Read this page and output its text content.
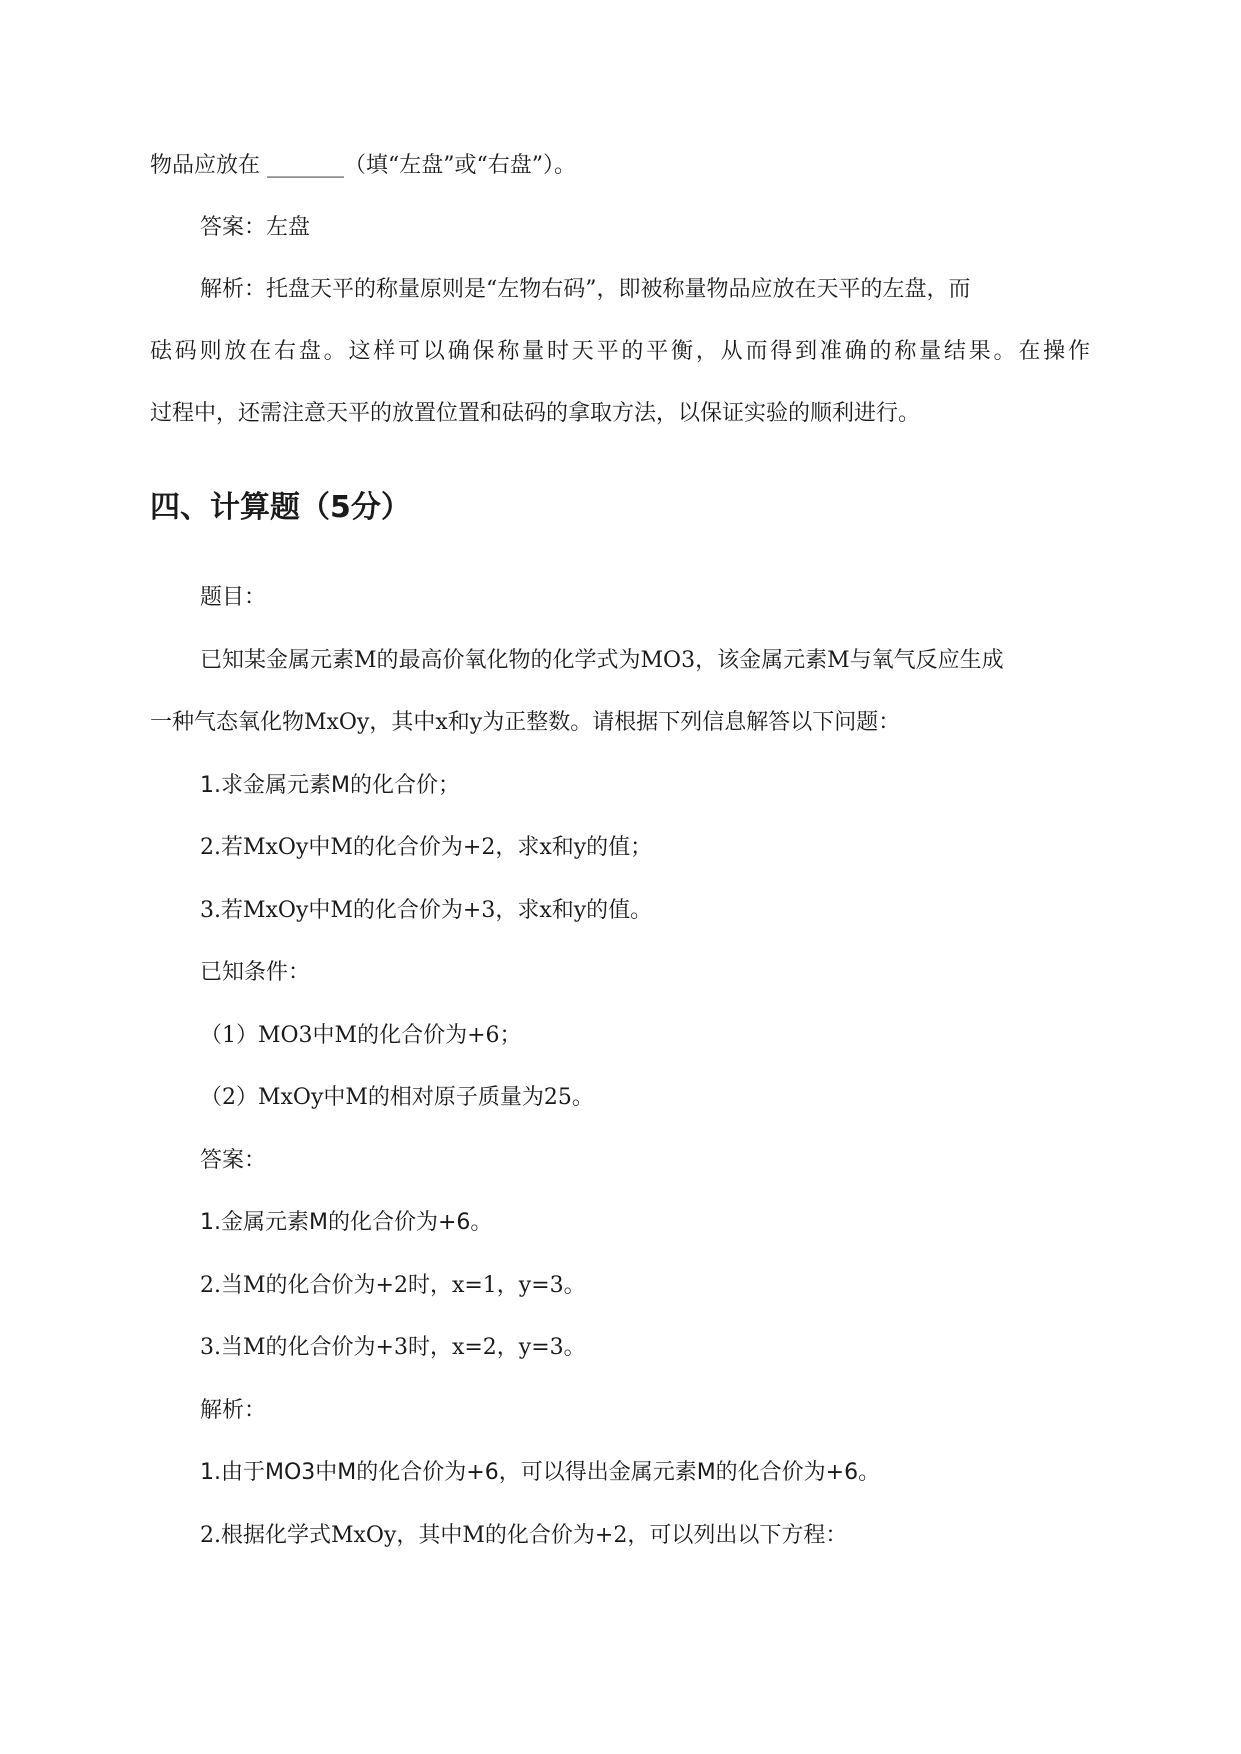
物品应放在 _______（填“左盘”或“右盘”）。
答案：左盘
解析：托盘天平的称量原则是“左物右码”，即被称量物品应放在天平的左盘，而
砝码则放在右盘。这样可以确保称量时天平的平衡，从而得到准确的称量结果。在操作
过程中，还需注意天平的放置位置和砝码的拿取方法，以保证实验的顺利进行。
四、计算题（5分）
题目：
已知某金属元素M的最高价氧化物的化学式为MO3，该金属元素M与氧气反应生成
一种气态氧化物MxOy，其中x和y为正整数。请根据下列信息解答以下问题：
1.求金属元素M的化合价；
2.若MxOy中M的化合价为+2，求x和y的值；
3.若MxOy中M的化合价为+3，求x和y的值。
已知条件：
（1）MO3中M的化合价为+6；
（2）MxOy中M的相对原子质量为25。
答案：
1.金属元素M的化合价为+6。
2.当M的化合价为+2时，x=1，y=3。
3.当M的化合价为+3时，x=2，y=3。
解析：
1.由于MO3中M的化合价为+6，可以得出金属元素M的化合价为+6。
2.根据化学式MxOy，其中M的化合价为+2，可以列出以下方程：
